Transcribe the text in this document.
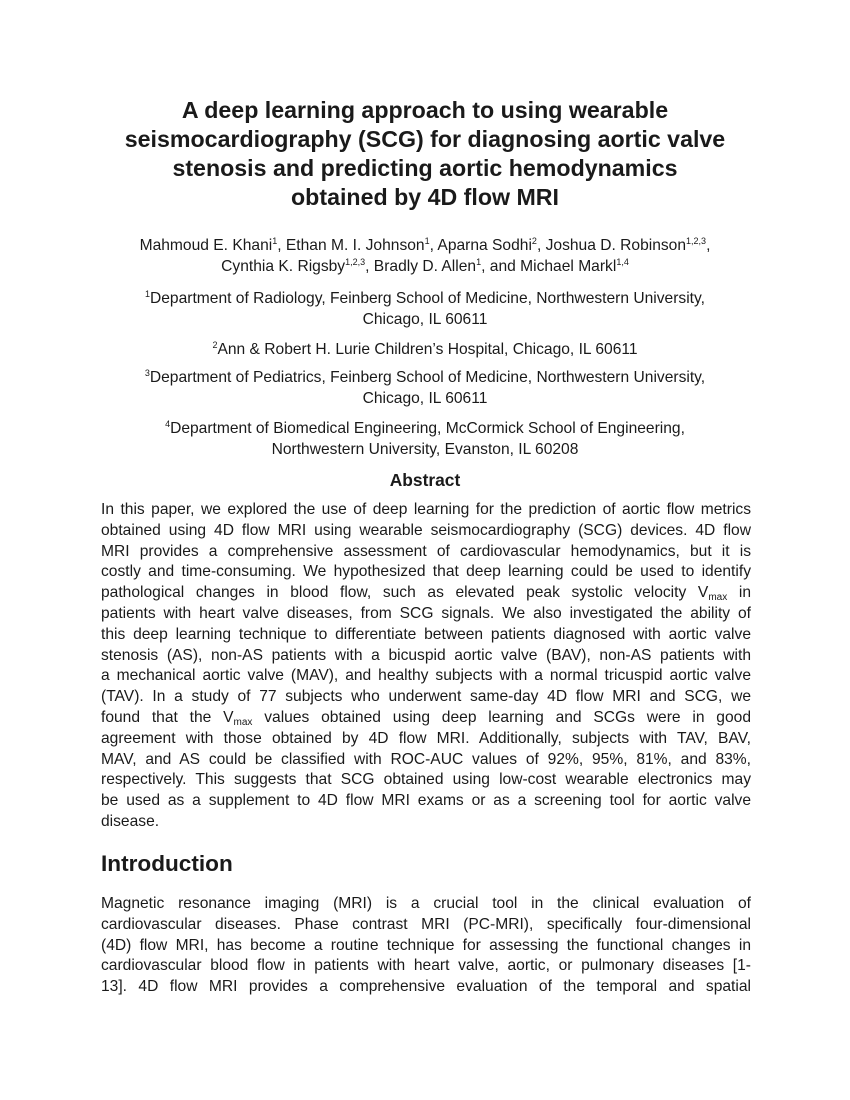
A deep learning approach to using wearable
seismocardiography (SCG) for diagnosing aortic valve
stenosis and predicting aortic hemodynamics
obtained by 4D flow MRI
Mahmoud E. Khani$^1$, Ethan M. I. Johnson$^1$, Aparna Sodhi$^2$, Joshua D. Robinson$^{1,2,3}$,
Cynthia K. Rigsby$^{1,2,3}$, Bradly D. Allen$^1$, and Michael Markl$^{1,4}$
$^1$Department of Radiology, Feinberg School of Medicine, Northwestern University,
Chicago, IL 60611
$^2$Ann & Robert H. Lurie Children’s Hospital, Chicago, IL 60611
$^3$Department of Pediatrics, Feinberg School of Medicine, Northwestern University,
Chicago, IL 60611
$^4$Department of Biomedical Engineering, McCormick School of Engineering,
Northwestern University, Evanston, IL 60208
Abstract
In this paper, we explored the use of deep learning for the prediction of aortic flow metrics
obtained using 4D flow MRI using wearable seismocardiography (SCG) devices. 4D flow
MRI provides a comprehensive assessment of cardiovascular hemodynamics, but it is
costly and time-consuming. We hypothesized that deep learning could be used to identify
pathological changes in blood flow, such as elevated peak systolic velocity $V_{max}$ in
patients with heart valve diseases, from SCG signals. We also investigated the ability of
this deep learning technique to differentiate between patients diagnosed with aortic valve
stenosis (AS), non-AS patients with a bicuspid aortic valve (BAV), non-AS patients with
a mechanical aortic valve (MAV), and healthy subjects with a normal tricuspid aortic valve
(TAV). In a study of 77 subjects who underwent same-day 4D flow MRI and SCG, we
found that the $V_{max}$ values obtained using deep learning and SCGs were in good
agreement with those obtained by 4D flow MRI. Additionally, subjects with TAV, BAV,
MAV, and AS could be classified with ROC-AUC values of 92%, 95%, 81%, and 83%,
respectively. This suggests that SCG obtained using low-cost wearable electronics may
be used as a supplement to 4D flow MRI exams or as a screening tool for aortic valve
disease.
Introduction
Magnetic resonance imaging (MRI) is a crucial tool in the clinical evaluation of
cardiovascular diseases. Phase contrast MRI (PC-MRI), specifically four-dimensional
(4D) flow MRI, has become a routine technique for assessing the functional changes in
cardiovascular blood flow in patients with heart valve, aortic, or pulmonary diseases [1-
13]. 4D flow MRI provides a comprehensive evaluation of the temporal and spatial
